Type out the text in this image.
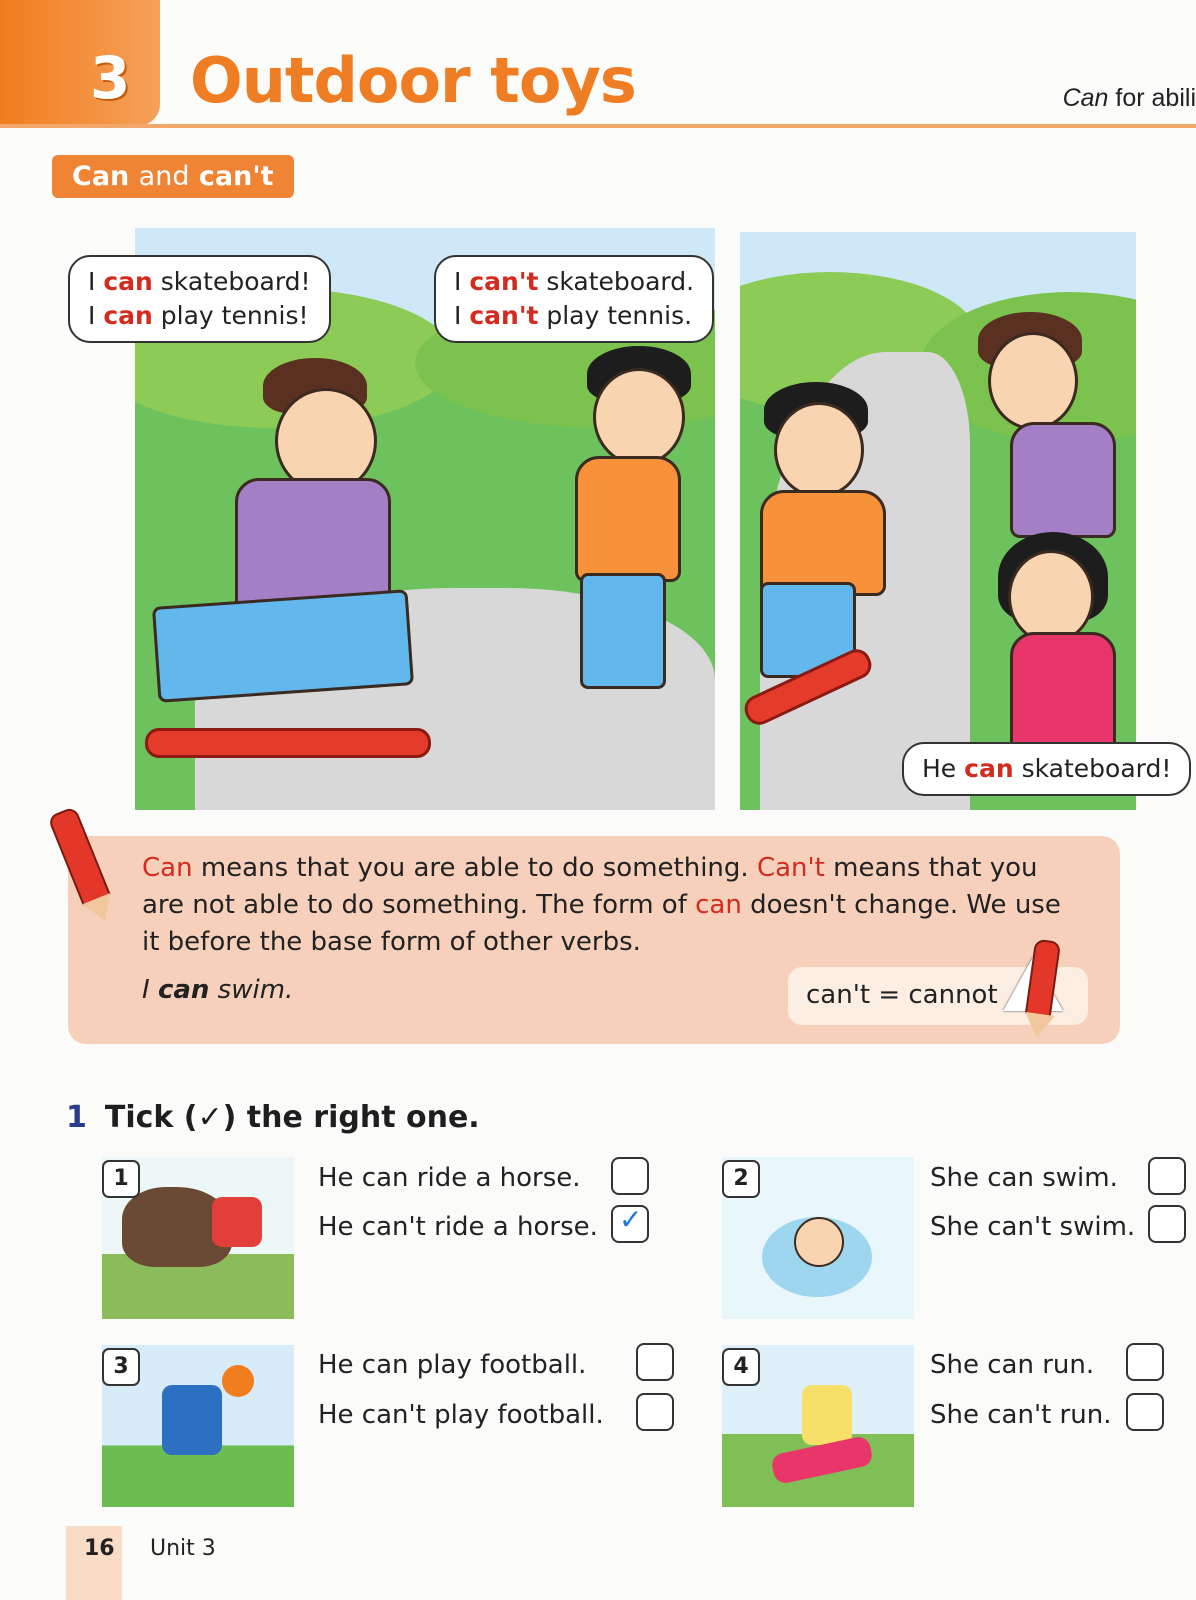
3 Outdoor toys	Can for abili
Can and can't
I can skateboard!
I can play tennis!
I can't skateboard.
I can't play tennis.
He can skateboard!
Can means that you are able to do something. Can't means that you are not able to do something. The form of can doesn't change. We use it before the base form of other verbs.
I can swim.	can't = cannot
1 Tick (✓) the right one.
1	He can ride a horse.
He can't ride a horse. ✓
2	She can swim.
She can't swim.
3	He can play football.
He can't play football.
4	She can run.
She can't run.
16 Unit 3
